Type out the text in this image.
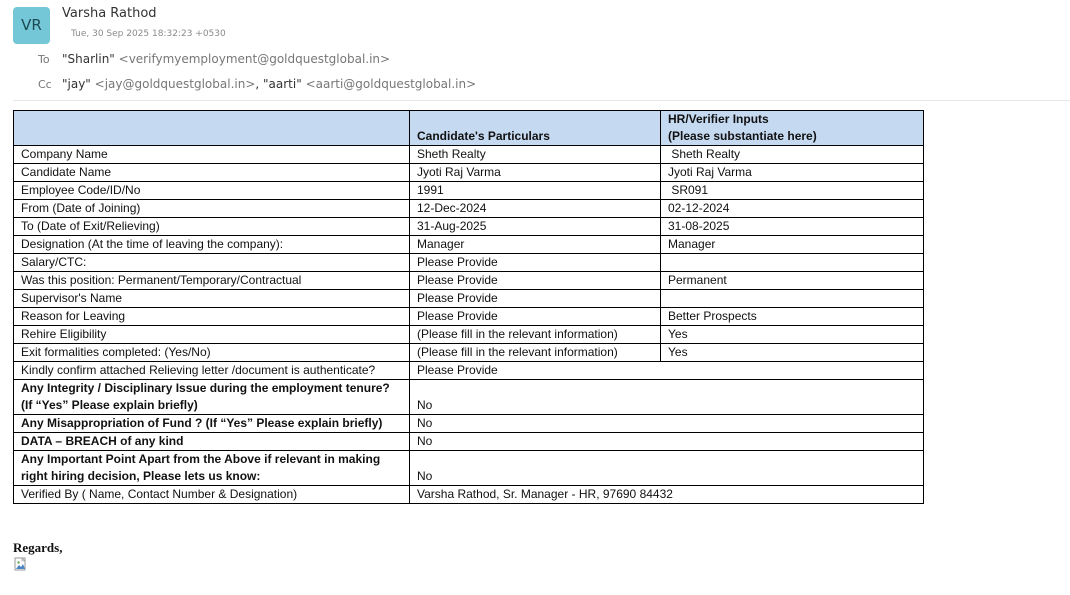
VR
Varsha Rathod
Tue, 30 Sep 2025 18:32:23 +0530
To "Sharlin" <verifymyemployment@goldquestglobal.in>
Cc "jay" <jay@goldquestglobal.in>, "aarti" <aarti@goldquestglobal.in>
	Candidate's Particulars	HR/Verifier Inputs
(Please substantiate here)

Company Name	Sheth Realty	Sheth Realty
Candidate Name	Jyoti Raj Varma	Jyoti Raj Varma
Employee Code/ID/No	1991	SR091
From (Date of Joining)	12-Dec-2024	02-12-2024
To (Date of Exit/Relieving)	31-Aug-2025	31-08-2025
Designation (At the time of leaving the company):	Manager	Manager
Salary/CTC:	Please Provide	
Was this position: Permanent/Temporary/Contractual	Please Provide	Permanent
Supervisor's Name	Please Provide	
Reason for Leaving	Please Provide	Better Prospects
Rehire Eligibility	(Please fill in the relevant information)	Yes
Exit formalities completed: (Yes/No)	(Please fill in the relevant information)	Yes
Kindly confirm attached Relieving letter /document is authenticate?	Please Provide	

Any Integrity / Disciplinary Issue during the employment tenure?
(If “Yes” Please explain briefly)	No	
Any Misappropriation of Fund ? (If “Yes” Please explain briefly)	No	
DATA – BREACH of any kind	No	

Any Important Point Apart from the Above if relevant in making
right hiring decision, Please lets us know:	No	
Verified By ( Name, Contact Number & Designation)	Varsha Rathod, Sr. Manager - HR, 97690 84432	
Regards,
